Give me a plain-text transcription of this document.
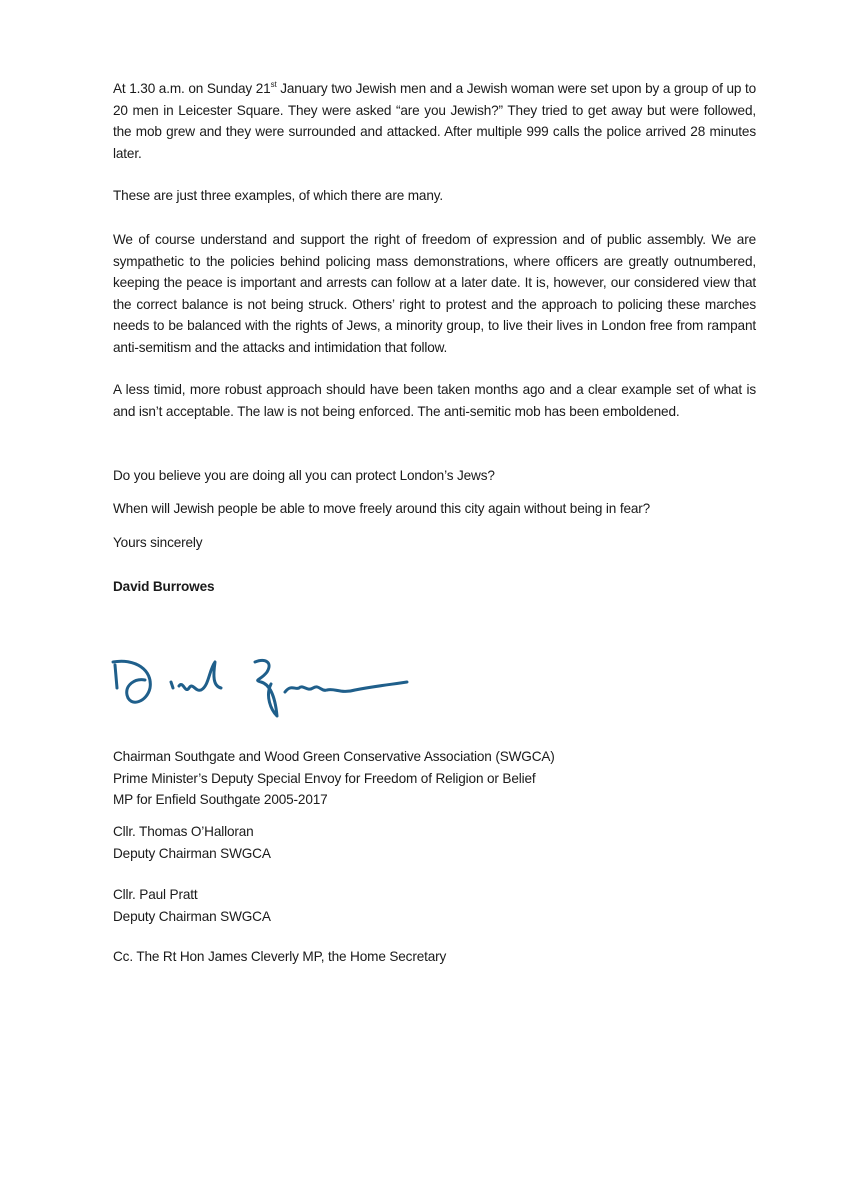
At 1.30 a.m. on Sunday 21st January two Jewish men and a Jewish woman were set upon by a group of up to 20 men in Leicester Square. They were asked “are you Jewish?” They tried to get away but were followed, the mob grew and they were surrounded and attacked. After multiple 999 calls the police arrived 28 minutes later.

These are just three examples, of which there are many.

We of course understand and support the right of freedom of expression and of public assembly. We are sympathetic to the policies behind policing mass demonstrations, where officers are greatly outnumbered, keeping the peace is important and arrests can follow at a later date. It is, however, our considered view that the correct balance is not being struck. Others’ right to protest and the approach to policing these marches needs to be balanced with the rights of Jews, a minority group, to live their lives in London free from rampant anti-semitism and the attacks and intimidation that follow.

A less timid, more robust approach should have been taken months ago and a clear example set of what is and isn’t acceptable. The law is not being enforced. The anti-semitic mob has been emboldened.

Do you believe you are doing all you can protect London’s Jews?

When will Jewish people be able to move freely around this city again without being in fear?

Yours sincerely

David Burrowes

Chairman Southgate and Wood Green Conservative Association (SWGCA)
Prime Minister’s Deputy Special Envoy for Freedom of Religion or Belief
MP for Enfield Southgate 2005-2017
Cllr. Thomas O’Halloran
Deputy Chairman SWGCA
Cllr. Paul Pratt
Deputy Chairman SWGCA

Cc. The Rt Hon James Cleverly MP, the Home Secretary
